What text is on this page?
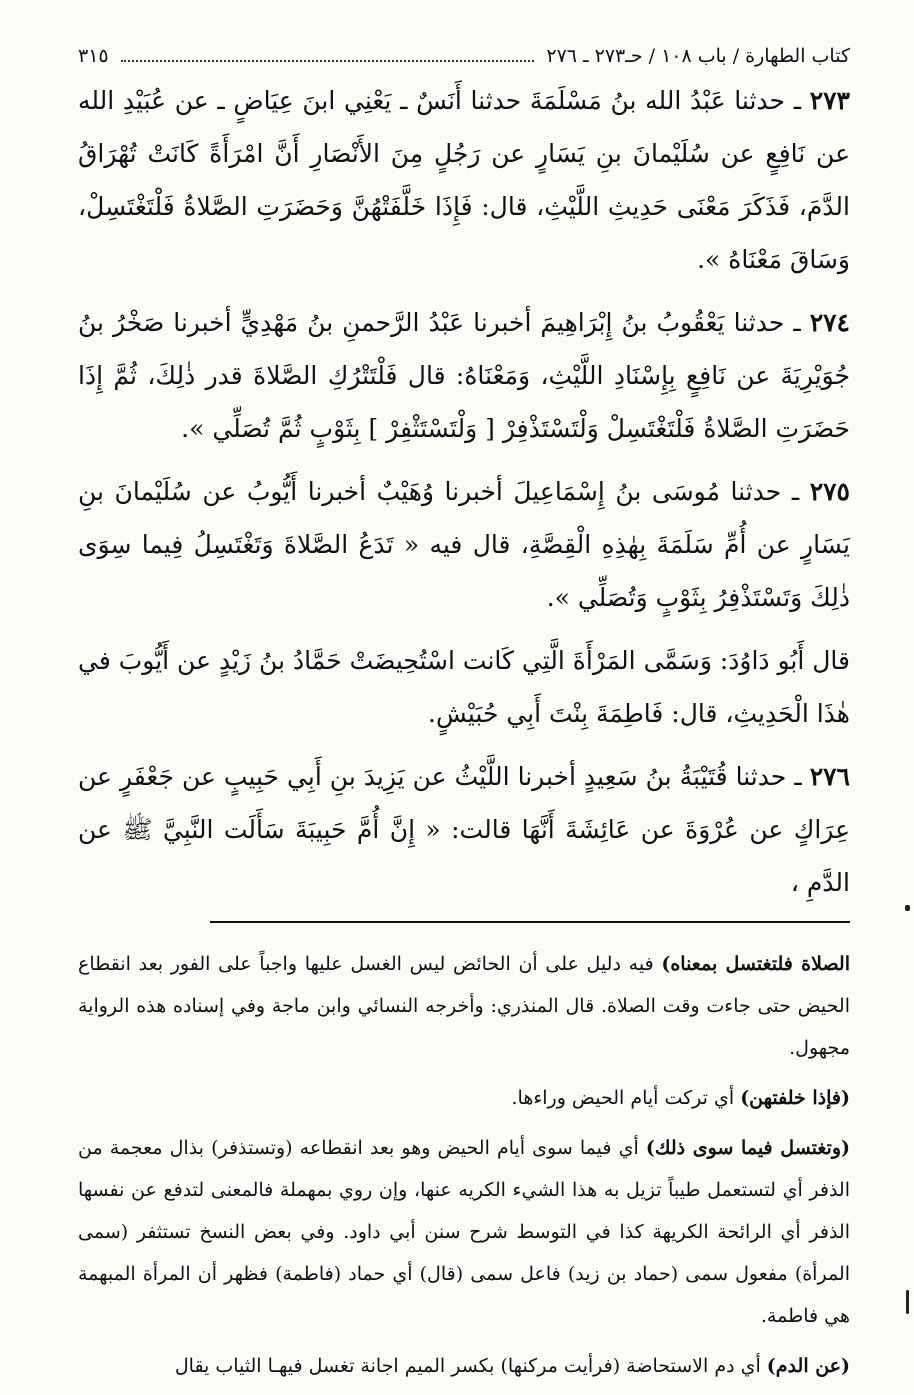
كتاب الطهارة / باب ١٠٨ / حـ٢٧٣ ـ ٢٧٦
٣١٥

٢٧٣ ـ حدثنا عَبْدُ الله بنُ مَسْلَمَةَ حدثنا أَنَسٌ ـ يَعْنِي ابنَ عِيَاضٍ ـ عن عُبَيْدِ الله عن نَافِعٍ عن سُلَيْمانَ بنِ يَسَارٍ عن رَجُلٍ مِنَ الأَنْصَارِ أَنَّ امْرَأَةً كَانَتْ تُهْرَاقُ الدَّمَ، فَذَكَرَ مَعْنَى حَدِيثِ اللَّيْثِ، قال: فَإِذَا خَلَّفَتْهُنَّ وَحَضَرَتِ الصَّلاةُ فَلْتَغْتَسِلْ، وَسَاقَ مَعْنَاهُ ».

٢٧٤ ـ حدثنا يَعْقُوبُ بنُ إِبْرَاهِيمَ أخبرنا عَبْدُ الرَّحمنِ بنُ مَهْدِيٍّ أخبرنا صَخْرُ بنُ جُوَيْرِيَةَ عن نَافِعٍ بِإِسْنَادِ اللَّيْثِ، وَمَعْنَاهُ: قال فَلْتَتْرُكِ الصَّلاةَ قدر ذٰلِكَ، ثُمَّ إِذَا حَضَرَتِ الصَّلاةُ فَلْتَغْتَسِلْ وَلْتَسْتَذْفِرْ [ وَلْتَسْتَثْفِرْ ] بِثَوْبٍ ثُمَّ تُصَلِّي ».

٢٧٥ ـ حدثنا مُوسَى بنُ إِسْمَاعِيلَ أخبرنا وُهَيْبٌ أخبرنا أَيُّوبُ عن سُلَيْمانَ بنِ يَسَارٍ عن أُمِّ سَلَمَةَ بِهٰذِهِ الْقِصَّةِ، قال فيه « تَدَعُ الصَّلاةَ وَتَغْتَسِلُ فِيما سِوَى ذٰلِكَ وَتَسْتَذْفِرُ بِثَوْبٍ وَتُصَلِّي ».

قال أَبُو دَاوُدَ: وَسَمَّى المَرْأَةَ الَّتِي كَانت اسْتُحِيضَتْ حَمَّادُ بنُ زَيْدٍ عن أَيُّوبَ في هٰذَا الْحَدِيثِ، قال: فَاطِمَةَ بِنْتَ أَبِي حُبَيْشٍ.

٢٧٦ ـ حدثنا قُتَيْبَةُ بنُ سَعِيدٍ أخبرنا اللَّيْثُ عن يَزِيدَ بنِ أَبِي حَبِيبٍ عن جَعْفَرٍ عن عِرَاكٍ عن عُرْوَةَ عن عَائِشَةَ أَنَّهَا قالت: « إِنَّ أُمَّ حَبِيبَةَ سَأَلَت النَّبِيَّ ﷺ عن الدَّمِ ،

الصلاة فلتغتسل بمعناه) فيه دليل على أن الحائض ليس الغسل عليها واجباً على الفور بعد انقطاع الحيض حتى جاءت وقت الصلاة. قال المنذري: وأخرجه النسائي وابن ماجة وفي إسناده هذه الرواية مجهول.

(فإذا خلفتهن) أي تركت أيام الحيض وراءها.

(وتغتسل فيما سوى ذلك) أي فيما سوى أيام الحيض وهو بعد انقطاعه (وتستذفر) بذال معجمة من الذفر أي لتستعمل طيباً تزيل به هذا الشيء الكريه عنها، وإن روي بمهملة فالمعنى لتدفع عن نفسها الذفر أي الرائحة الكريهة كذا في التوسط شرح سنن أبي داود. وفي بعض النسخ تستثفر (سمى المرأة) مفعول سمى (حماد بن زيد) فاعل سمى (قال) أي حماد (فاطمة) فظهر أن المرأة المبهمة هي فاطمة.

(عن الدم) أي دم الاستحاضة (فرأيت مركنها) بكسر الميم اجانة تغسل فيهـا الثياب يقال
